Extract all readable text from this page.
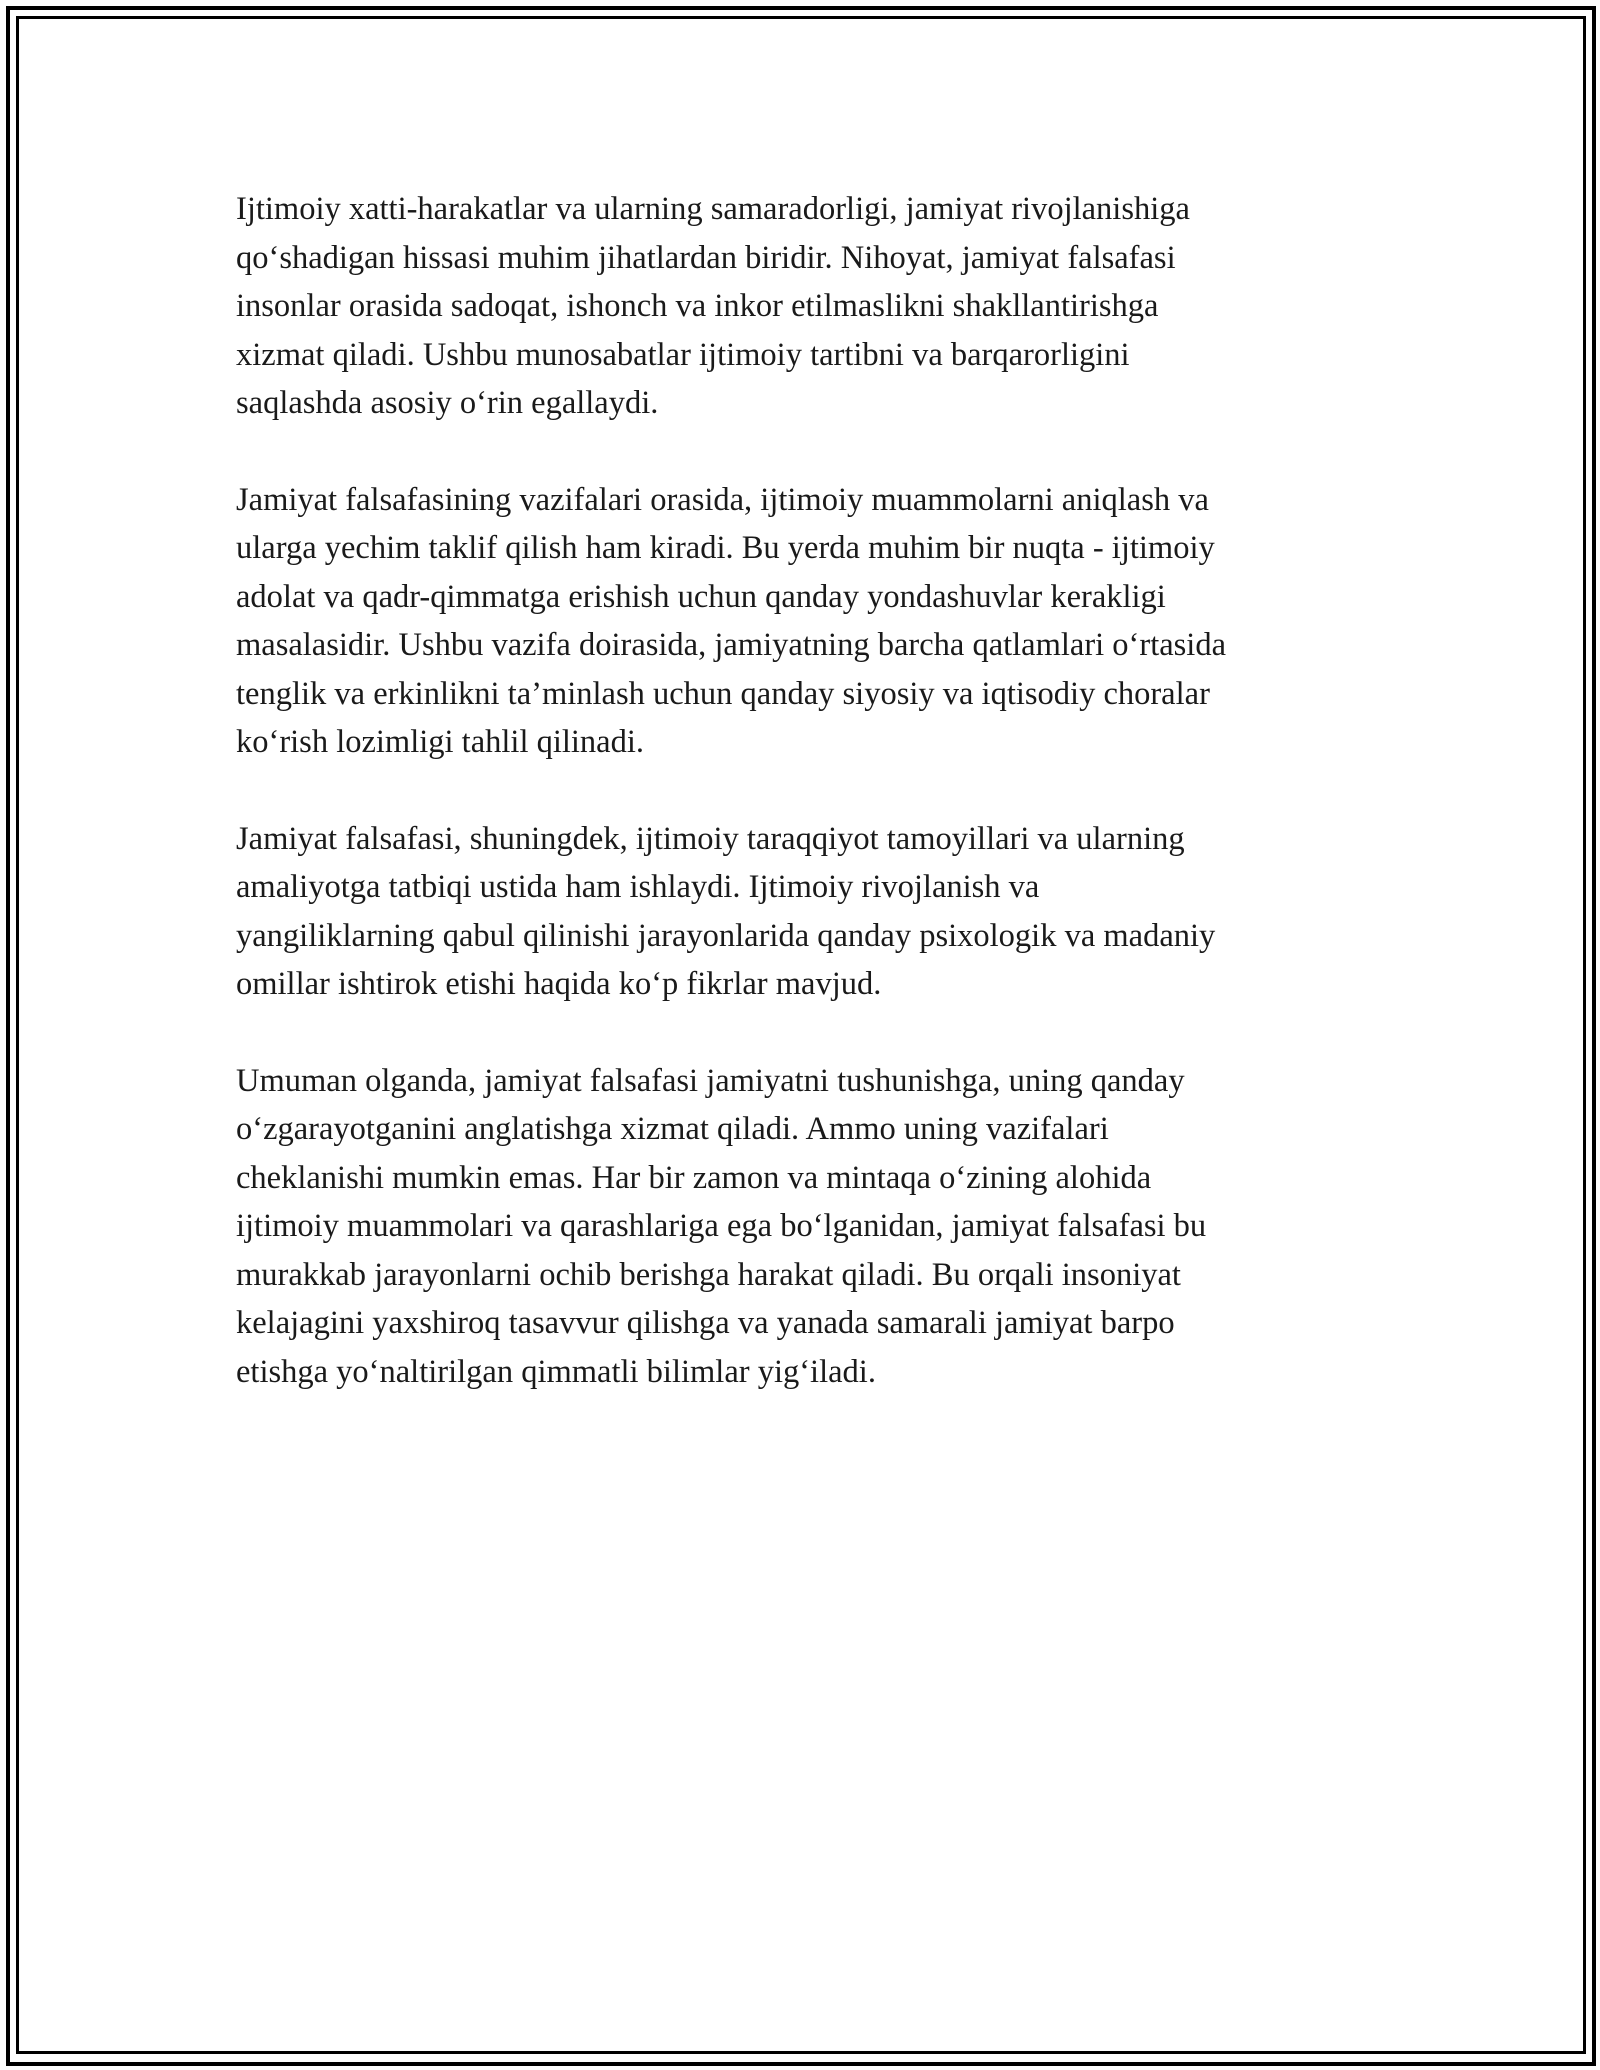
Ijtimoiy xatti-harakatlar va ularning samaradorligi, jamiyat rivojlanishiga
qo‘shadigan hissasi muhim jihatlardan biridir. Nihoyat, jamiyat falsafasi
insonlar orasida sadoqat, ishonch va inkor etilmaslikni shakllantirishga
xizmat qiladi. Ushbu munosabatlar ijtimoiy tartibni va barqarorligini
saqlashda asosiy o‘rin egallaydi.

Jamiyat falsafasining vazifalari orasida, ijtimoiy muammolarni aniqlash va
ularga yechim taklif qilish ham kiradi. Bu yerda muhim bir nuqta - ijtimoiy
adolat va qadr-qimmatga erishish uchun qanday yondashuvlar kerakligi
masalasidir. Ushbu vazifa doirasida, jamiyatning barcha qatlamlari o‘rtasida
tenglik va erkinlikni ta’minlash uchun qanday siyosiy va iqtisodiy choralar
ko‘rish lozimligi tahlil qilinadi.

Jamiyat falsafasi, shuningdek, ijtimoiy taraqqiyot tamoyillari va ularning
amaliyotga tatbiqi ustida ham ishlaydi. Ijtimoiy rivojlanish va
yangiliklarning qabul qilinishi jarayonlarida qanday psixologik va madaniy
omillar ishtirok etishi haqida ko‘p fikrlar mavjud.

Umuman olganda, jamiyat falsafasi jamiyatni tushunishga, uning qanday
o‘zgarayotganini anglatishga xizmat qiladi. Ammo uning vazifalari
cheklanishi mumkin emas. Har bir zamon va mintaqa o‘zining alohida
ijtimoiy muammolari va qarashlariga ega bo‘lganidan, jamiyat falsafasi bu
murakkab jarayonlarni ochib berishga harakat qiladi. Bu orqali insoniyat
kelajagini yaxshiroq tasavvur qilishga va yanada samarali jamiyat barpo
etishga yo‘naltirilgan qimmatli bilimlar yig‘iladi.
